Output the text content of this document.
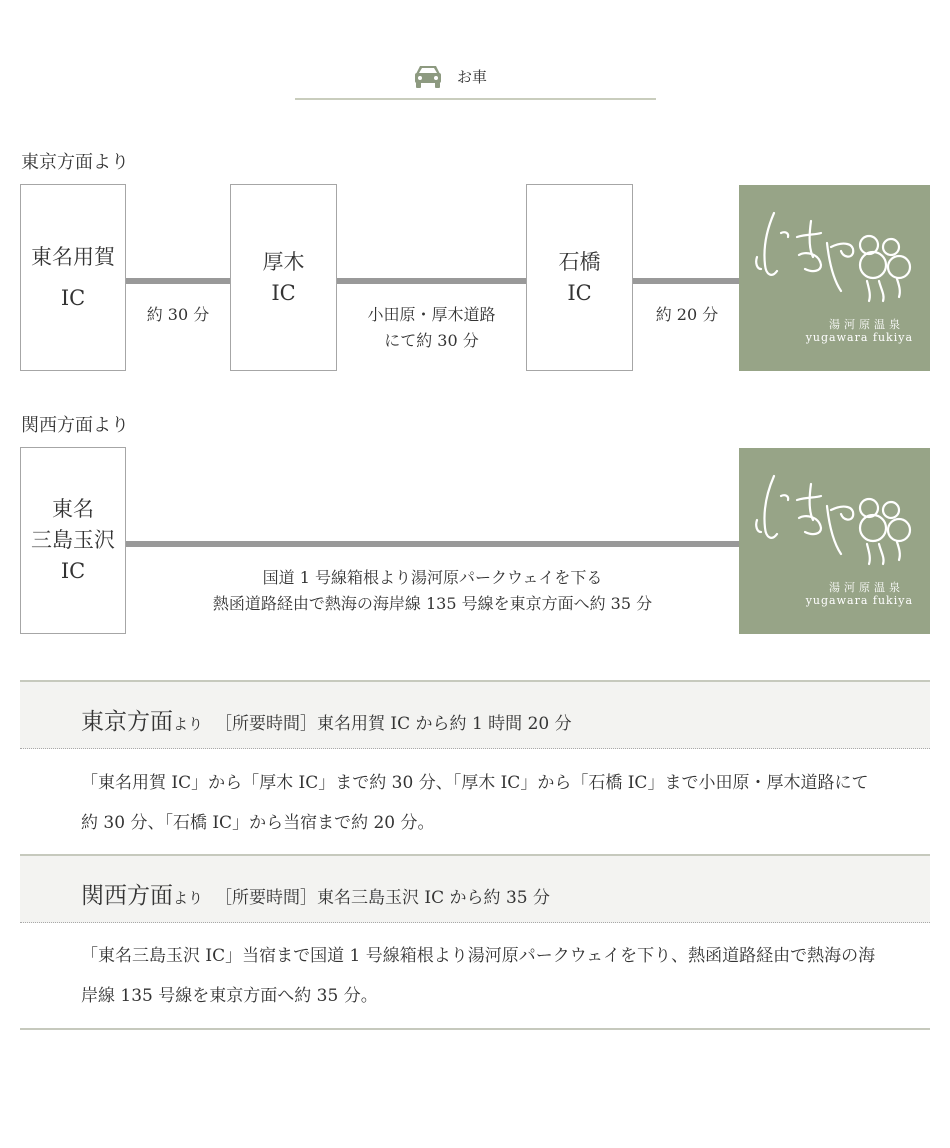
お車
東京方面より
東名用賀
IC
厚木
IC
石橋
IC
約 30 分	小田原・厚木道路
にて約 30 分
約 20 分
湯河原温泉
yugawara fukiya
関西方面より
東名
三島玉沢
IC	国道 1 号線箱根より湯河原パークウェイを下る
熱函道路経由で熱海の海岸線 135 号線を東京方面へ約 35 分
湯河原温泉
yugawara fukiya
東京方面より ［所要時間］東名用賀 IC から約 1 時間 20 分
「東名用賀 IC」から「厚木 IC」まで約 30 分、「厚木 IC」から「石橋 IC」まで小田原・厚木道路にて約 30 分、「石橋 IC」から当宿まで約 20 分。
関西方面より ［所要時間］東名三島玉沢 IC から約 35 分
「東名三島玉沢 IC」当宿まで国道 1 号線箱根より湯河原パークウェイを下り、熱函道路経由で熱海の海岸線 135 号線を東京方面へ約 35 分。
